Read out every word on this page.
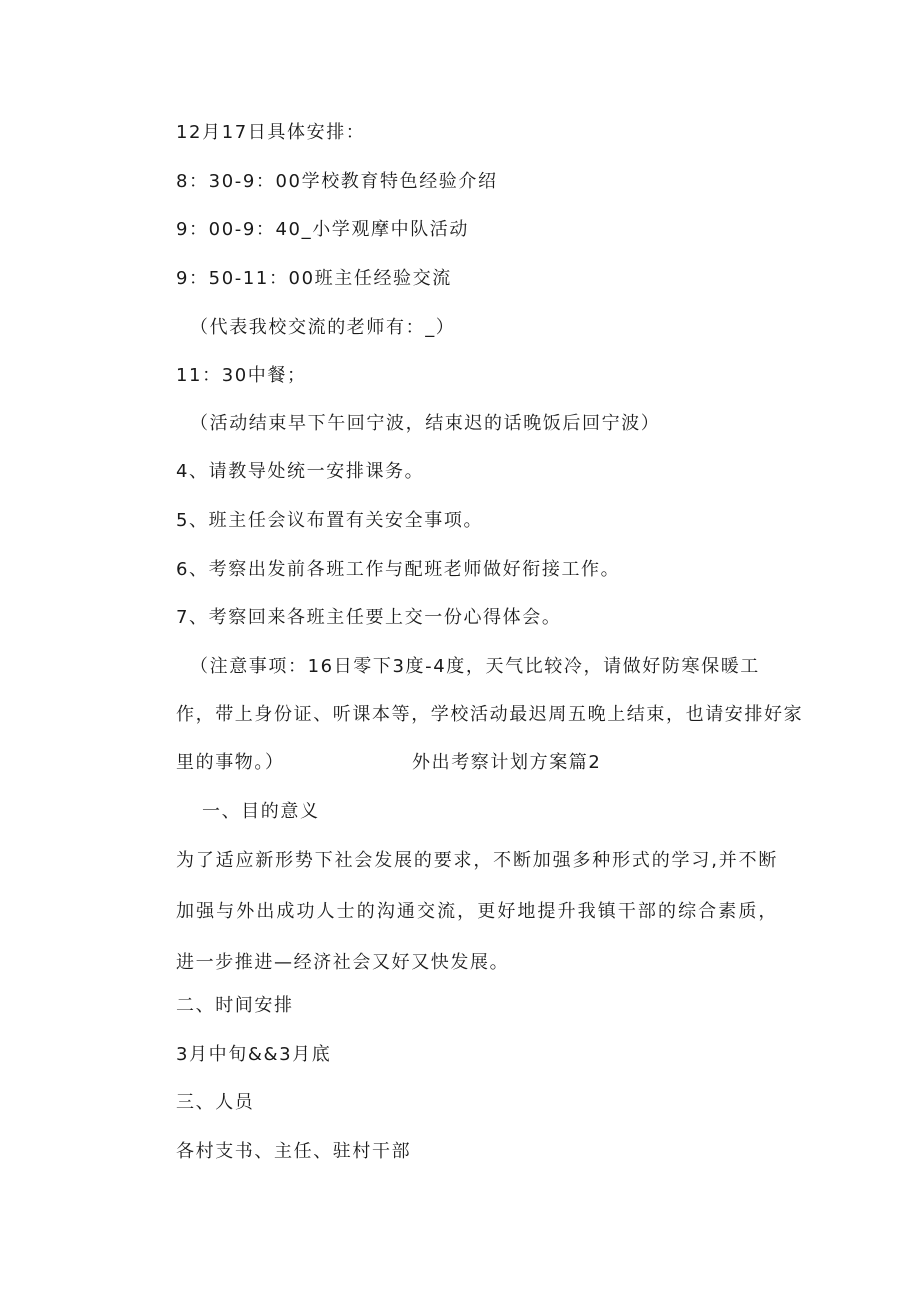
12月17日具体安排：
8：30-9：00学校教育特色经验介绍
9：00-9：40_小学观摩中队活动
9：50-11：00班主任经验交流
（代表我校交流的老师有：_）
11：30中餐；
（活动结束早下午回宁波，结束迟的话晚饭后回宁波）
4、请教导处统一安排课务。
5、班主任会议布置有关安全事项。
6、考察出发前各班工作与配班老师做好衔接工作。
7、考察回来各班主任要上交一份心得体会。
（注意事项：16日零下3度-4度，天气比较冷，请做好防寒保暖工
作，带上身份证、听课本等，学校活动最迟周五晚上结束，也请安排好家
里的事物。）	外出考察计划方案篇2
一、目的意义
为了适应新形势下社会发展的要求，不断加强多种形式的学习,并不断加强与外出成功人士的沟通交流，更好地提升我镇干部的综合素质，进一步推进—经济社会又好又快发展。
二、时间安排
3月中旬&&3月底
三、人员
各村支书、主任、驻村干部
